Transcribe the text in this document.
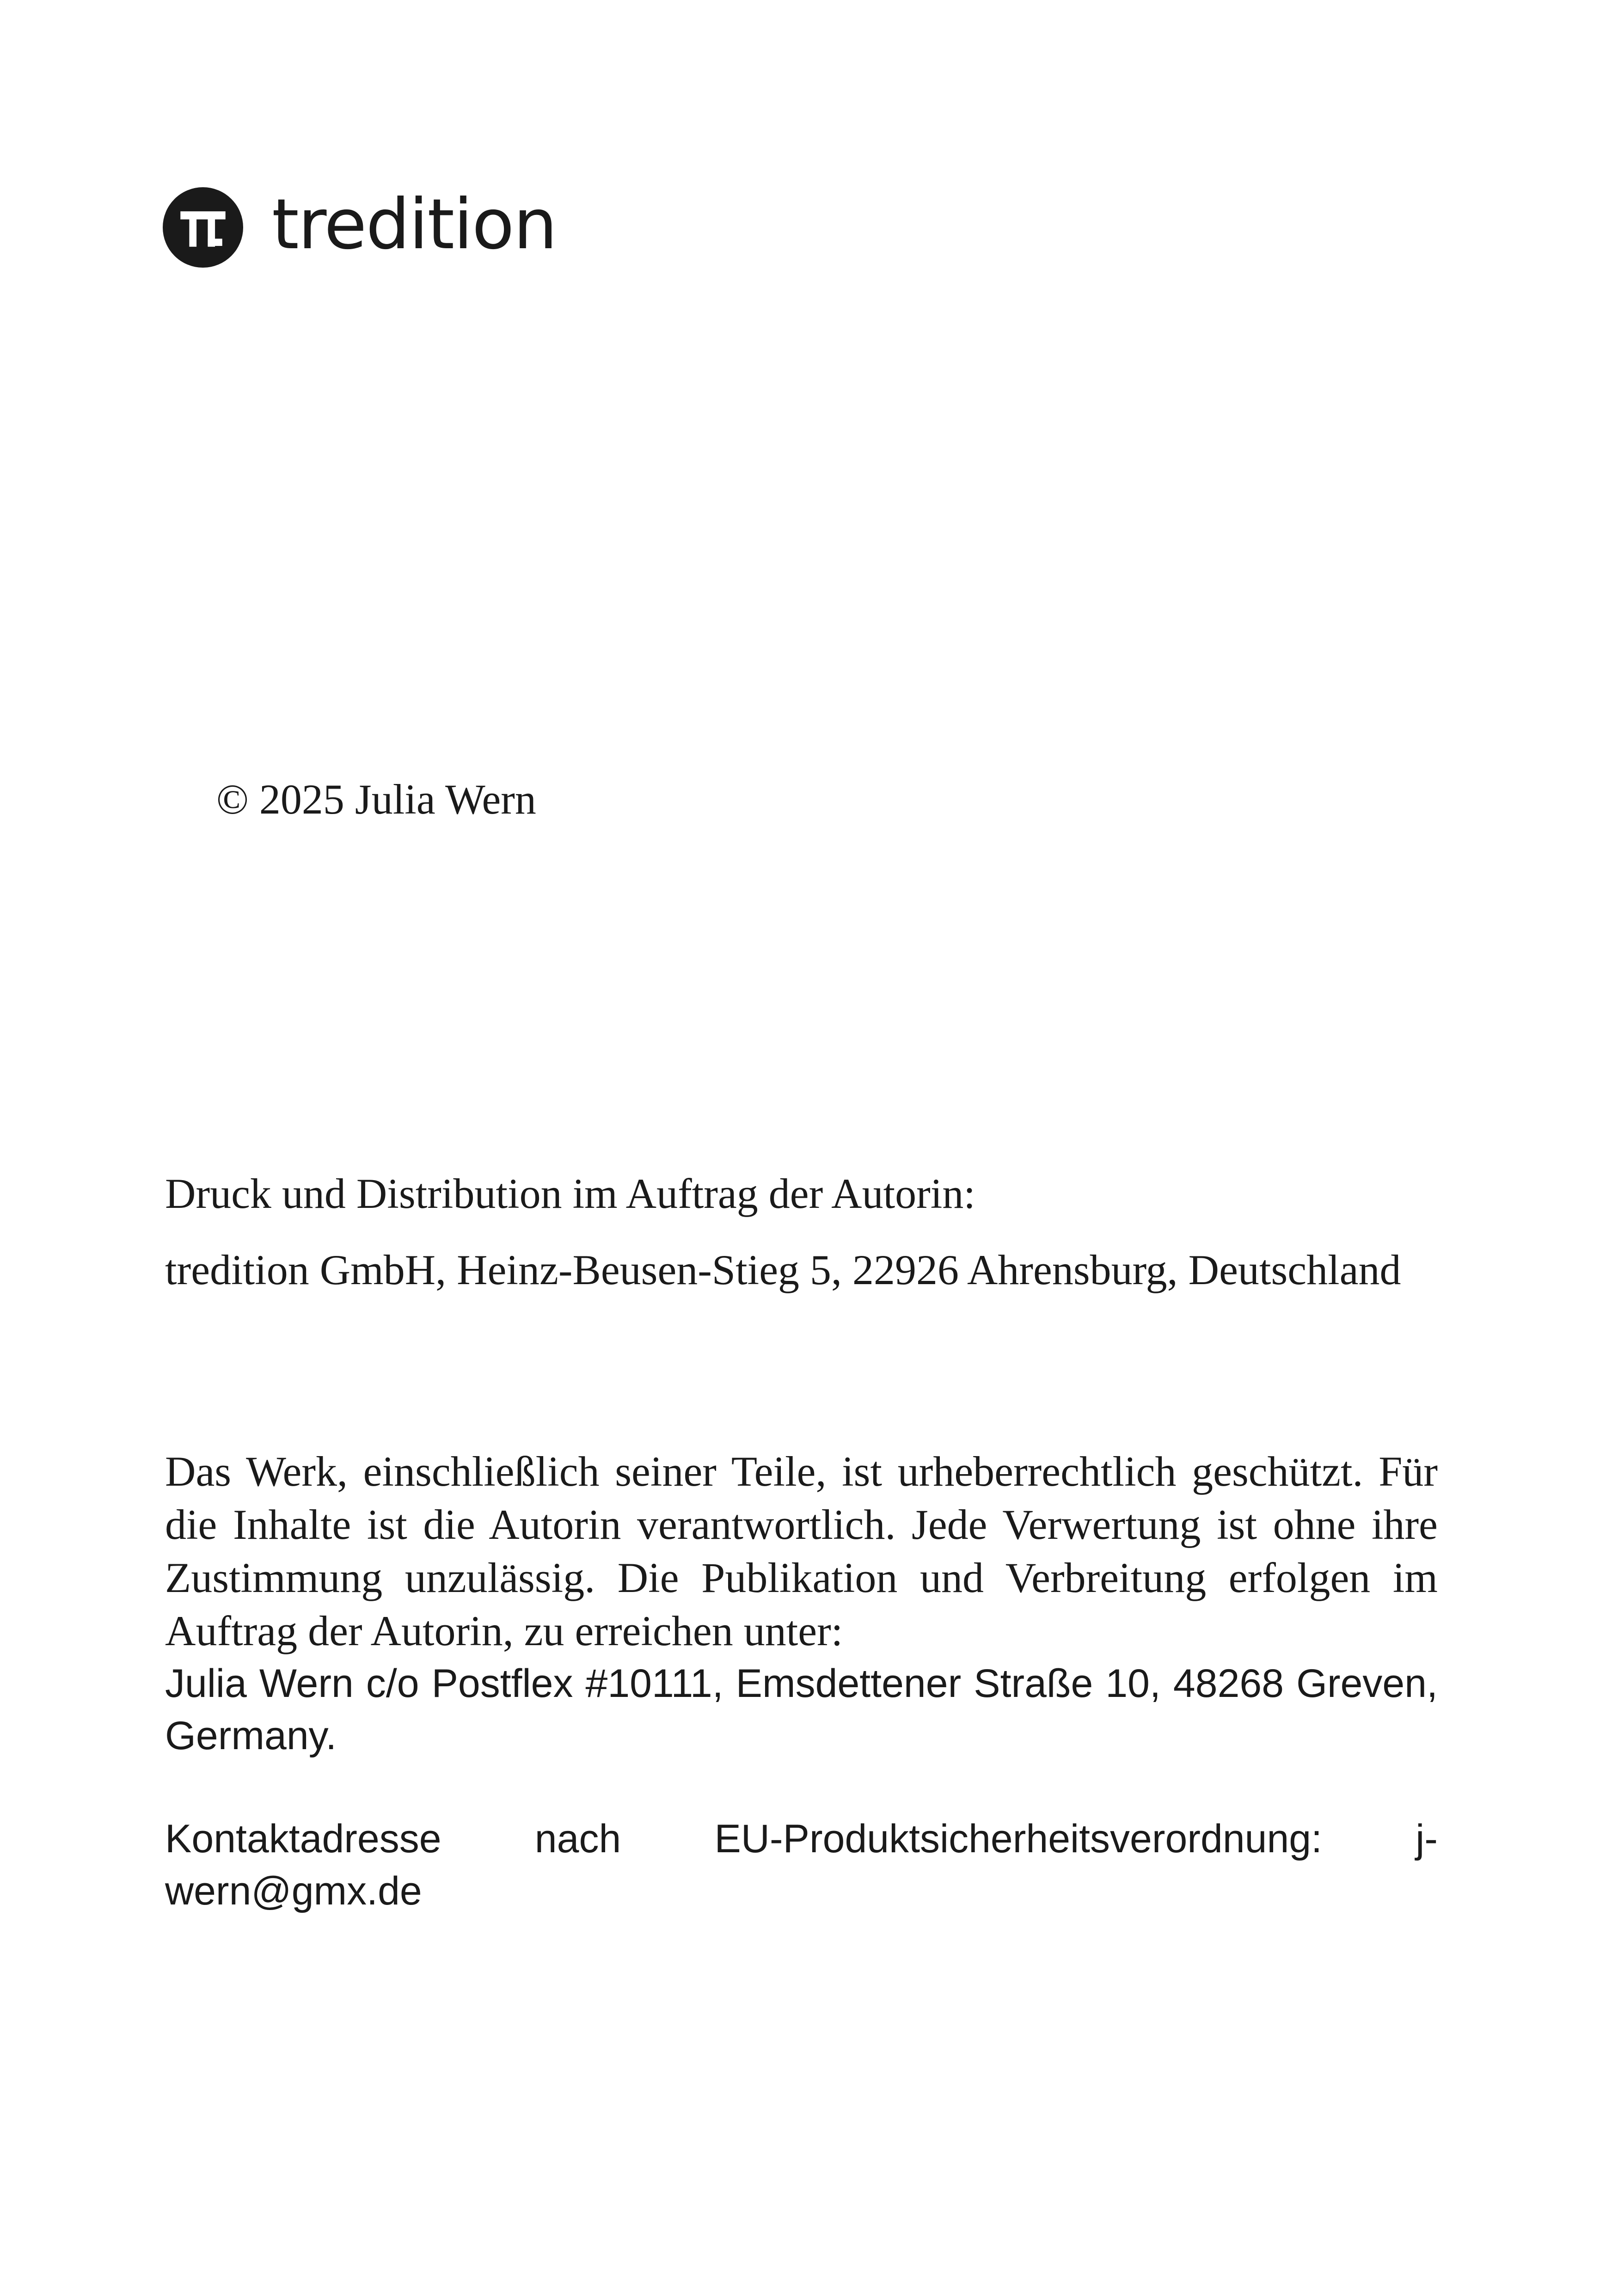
tredition
© 2025 Julia Wern
Druck und Distribution im Auftrag der Autorin:
tredition GmbH, Heinz-Beusen-Stieg 5, 22926 Ahrensburg, Deutschland
Das Werk, einschließlich seiner Teile, ist urheberrechtlich geschützt. Für die Inhalte ist die Autorin verantwortlich. Jede Verwertung ist ohne ihre Zustimmung unzulässig. Die Publikation und Verbreitung erfolgen im Auftrag der Autorin, zu erreichen unter:
Julia Wern c/o Postflex #10111, Emsdettener Straße 10, 48268 Greven, Germany.
Kontaktadresse nach EU-Produktsicherheitsverordnung: j-wern@gmx.de
